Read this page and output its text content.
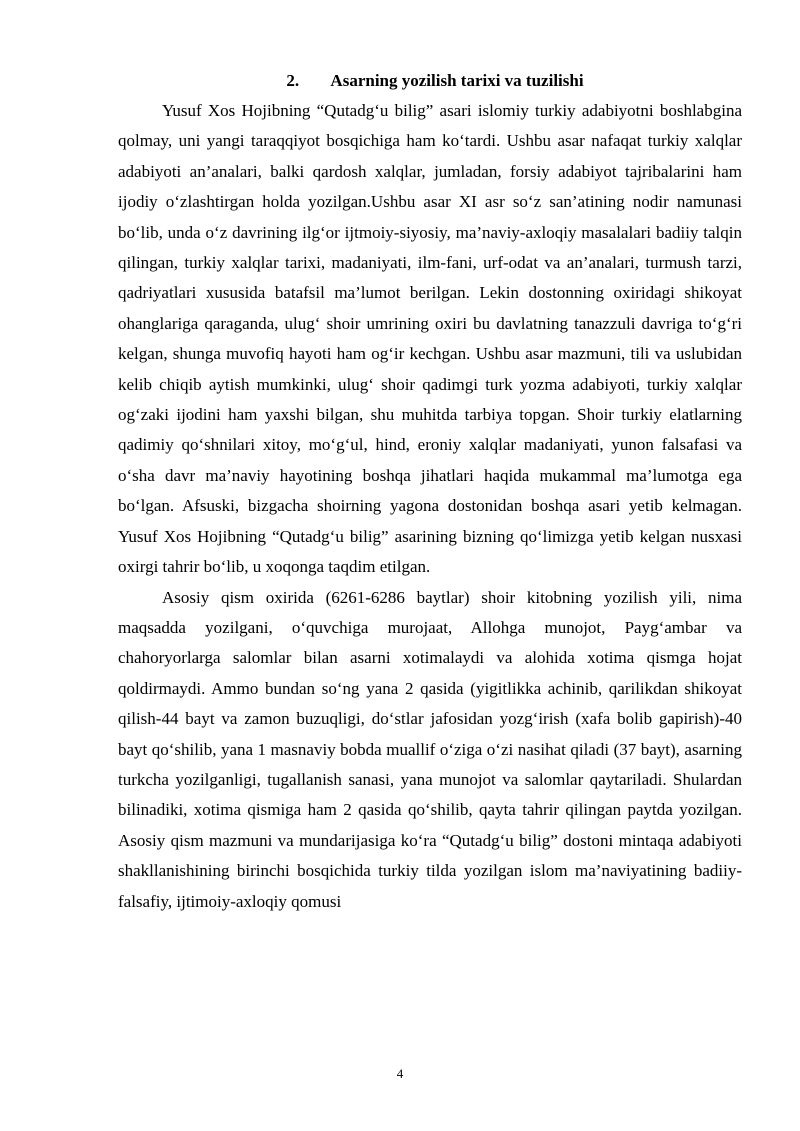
2. Asarning yozilish tarixi va tuzilishi

Yusuf Xos Hojibning “Qutadg‘u bilig” asari islomiy turkiy adabiyotni boshlabgina qolmay, uni yangi taraqqiyot bosqichiga ham ko‘tardi. Ushbu asar nafaqat turkiy xalqlar adabiyoti an’analari, balki qardosh xalqlar, jumladan, forsiy adabiyot tajribalarini ham ijodiy o‘zlashtirgan holda yozilgan.Ushbu asar XI asr so‘z san’atining nodir namunasi bo‘lib, unda o‘z davrining ilg‘or ijtmoiy-siyosiy, ma’naviy-axloqiy masalalari badiiy talqin qilingan, turkiy xalqlar tarixi, madaniyati, ilm-fani, urf-odat va an’analari, turmush tarzi, qadriyatlari xususida batafsil ma’lumot berilgan. Lekin dostonning oxiridagi shikoyat ohanglariga qaraganda, ulug‘ shoir umrining oxiri bu davlatning tanazzuli davriga to‘g‘ri kelgan, shunga muvofiq hayoti ham og‘ir kechgan. Ushbu asar mazmuni, tili va uslubidan kelib chiqib aytish mumkinki, ulug‘ shoir qadimgi turk yozma adabiyoti, turkiy xalqlar og‘zaki ijodini ham yaxshi bilgan, shu muhitda tarbiya topgan. Shoir turkiy elatlarning qadimiy qo‘shnilari xitoy, mo‘g‘ul, hind, eroniy xalqlar madaniyati, yunon falsafasi va o‘sha davr ma’naviy hayotining boshqa jihatlari haqida mukammal ma’lumotga ega bo‘lgan. Afsuski, bizgacha shoirning yagona dostonidan boshqa asari yetib kelmagan. Yusuf Xos Hojibning “Qutadg‘u bilig” asarining bizning qo‘limizga yetib kelgan nusxasi oxirgi tahrir bo‘lib, u xoqonga taqdim etilgan.

Asosiy qism oxirida (6261-6286 baytlar) shoir kitobning yozilish yili, nima maqsadda yozilgani, o‘quvchiga murojaat, Allohga munojot, Payg‘ambar va chahoryorlarga salomlar bilan asarni xotimalaydi va alohida xotima qismga hojat qoldirmaydi. Ammo bundan so‘ng yana 2 qasida (yigitlikka achinib, qarilikdan shikoyat qilish-44 bayt va zamon buzuqligi, do‘stlar jafosidan yozg‘irish (xafa bolib gapirish)-40 bayt qo‘shilib, yana 1 masnaviy bobda muallif o‘ziga o‘zi nasihat qiladi (37 bayt), asarning turkcha yozilganligi, tugallanish sanasi, yana munojot va salomlar qaytariladi. Shulardan bilinadiki, xotima qismiga ham 2 qasida qo‘shilib, qayta tahrir qilingan paytda yozilgan. Asosiy qism mazmuni va mundarijasiga ko‘ra “Qutadg‘u bilig” dostoni mintaqa adabiyoti shakllanishining birinchi bosqichida turkiy tilda yozilgan islom ma’naviyatining badiiy-falsafiy, ijtimoiy-axloqiy qomusi

4
